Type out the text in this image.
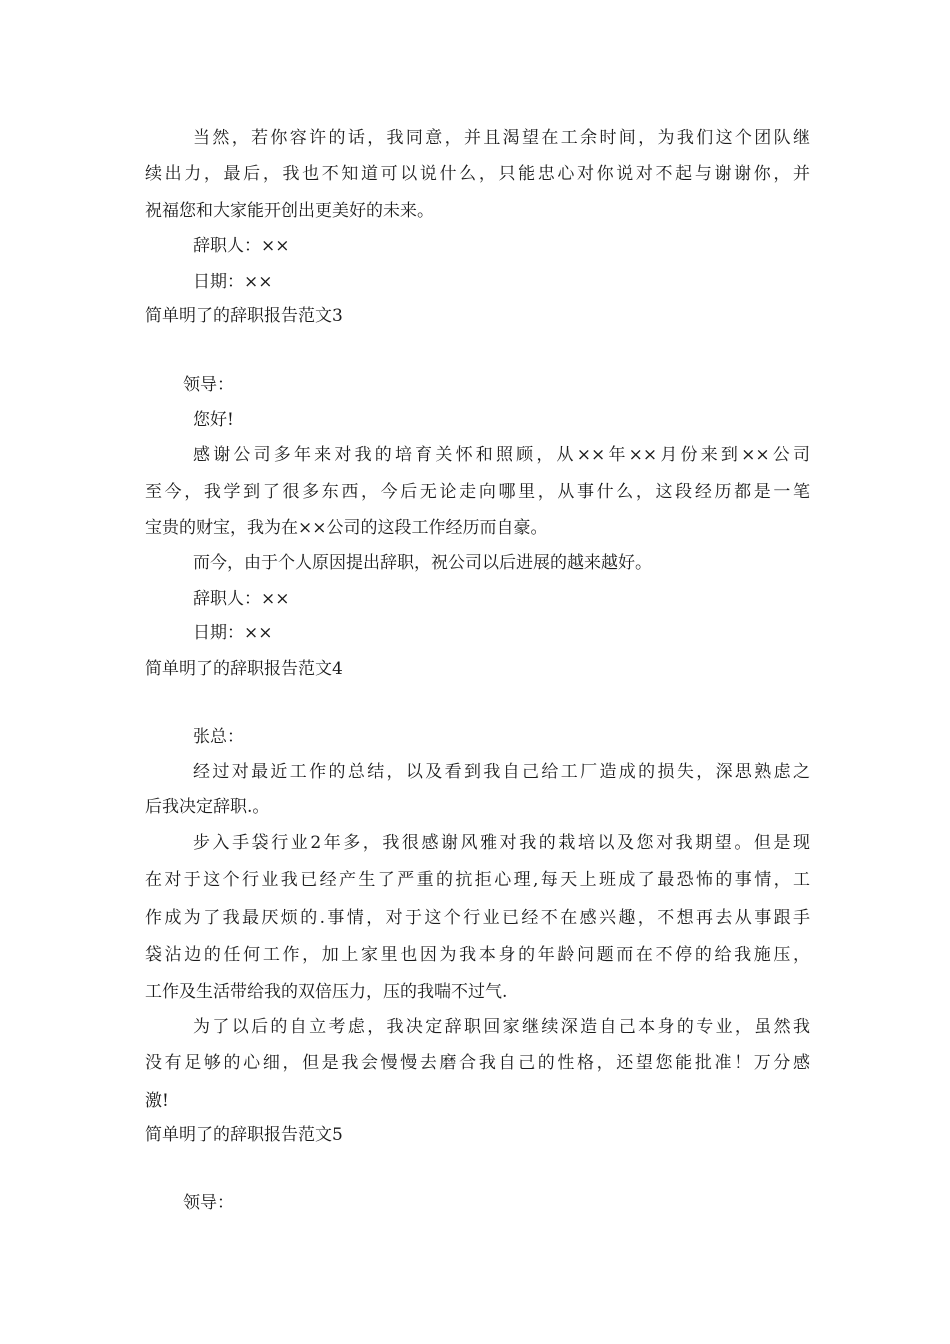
当然，若你容许的话，我同意，并且渴望在工余时间，为我们这个团队继
续出力，最后，我也不知道可以说什么，只能忠心对你说对不起与谢谢你，并
祝福您和大家能开创出更美好的未来。
辞职人：××
日期：××
简单明了的辞职报告范文3
领导：
您好!
感谢公司多年来对我的培育关怀和照顾，从××年××月份来到××公司
至今，我学到了很多东西，今后无论走向哪里，从事什么，这段经历都是一笔
宝贵的财宝，我为在××公司的这段工作经历而自豪。
而今，由于个人原因提出辞职，祝公司以后进展的越来越好。
辞职人：××
日期：××
简单明了的辞职报告范文4
张总：
经过对最近工作的总结，以及看到我自己给工厂造成的损失，深思熟虑之
后我决定辞职.。
步入手袋行业2年多，我很感谢风雅对我的栽培以及您对我期望。但是现
在对于这个行业我已经产生了严重的抗拒心理,每天上班成了最恐怖的事情，工
作成为了我最厌烦的.事情，对于这个行业已经不在感兴趣，不想再去从事跟手
袋沾边的任何工作，加上家里也因为我本身的年龄问题而在不停的给我施压，
工作及生活带给我的双倍压力，压的我喘不过气.
为了以后的自立考虑，我决定辞职回家继续深造自己本身的专业，虽然我
没有足够的心细，但是我会慢慢去磨合我自己的性格，还望您能批准！万分感
激!
简单明了的辞职报告范文5
领导：
